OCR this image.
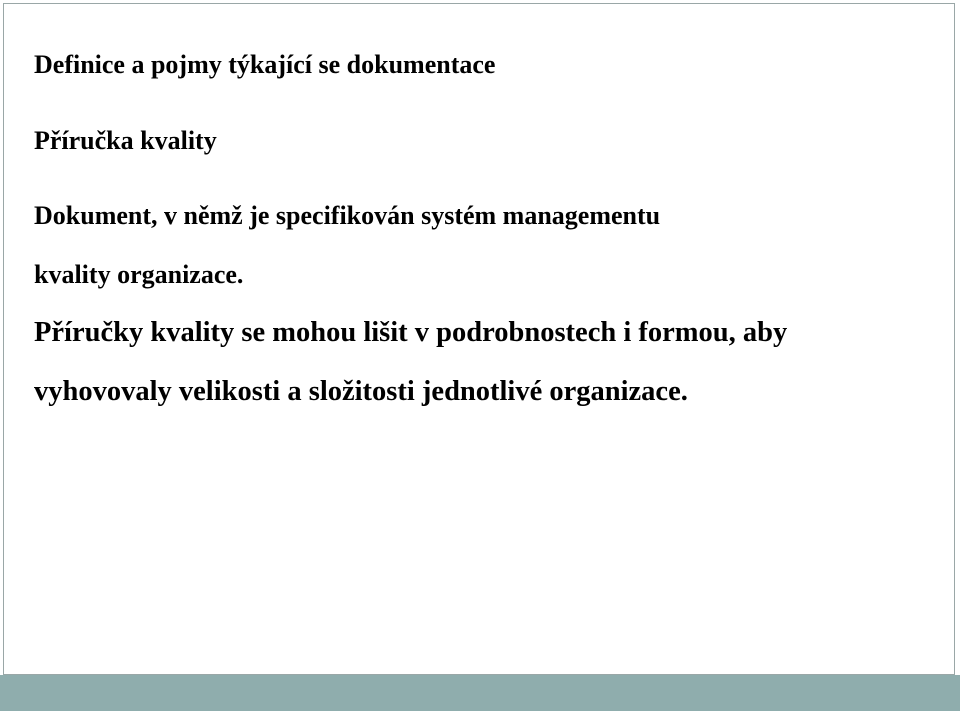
Definice a pojmy týkající se dokumentace
Příručka kvality
Dokument, v němž je specifikován systém managementu
kvality organizace.
Příručky kvality se mohou lišit v podrobnostech i formou, aby
vyhovovaly velikosti a složitosti jednotlivé organizace.
